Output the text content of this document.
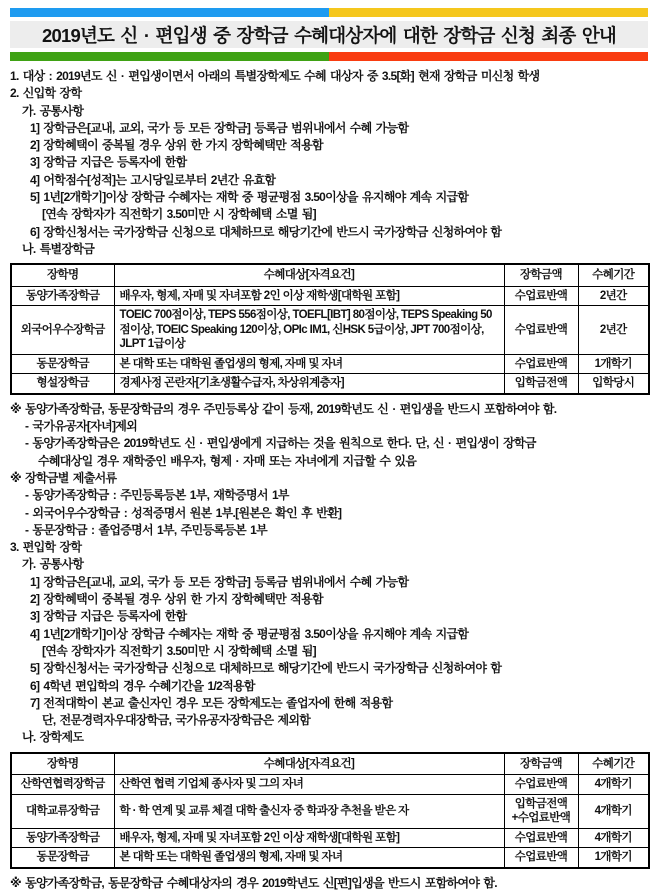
2019년도 신 · 편입생 중 장학금 수혜대상자에 대한 장학금 신청 최종 안내
1. 대상 : 2019년도 신 · 편입생이면서 아래의 특별장학제도 수혜 대상자 중 3.5[화] 현재 장학금 미신청 학생
2. 신입학 장학
가. 공통사항
1] 장학금은[교내, 교외, 국가 등 모든 장학금] 등록금 범위내에서 수혜 가능함
2] 장학혜택이 중복될 경우 상위 한 가지 장학혜택만 적용함
3] 장학금 지급은 등록자에 한함
4] 어학점수[성적]는 고시당일로부터 2년간 유효함
5] 1년[2개학기]이상 장학금 수혜자는 재학 중 평균평점 3.50이상을 유지해야 계속 지급함
[연속 장학자가 직전학기 3.50미만 시 장학혜택 소멸 됨]
6] 장학신청서는 국가장학금 신청으로 대체하므로 해당기간에 반드시 국가장학금 신청하여야 함
나. 특별장학금
장학명	수혜대상[자격요건]	장학금액	수혜기간
동양가족장학금	배우자, 형제, 자매 및 자녀포함 2인 이상 재학생[대학원 포함]	수업료반액	2년간
외국어우수장학금	TOEIC 700점이상, TEPS 556점이상, TOEFL[IBT] 80점이상, TEPS Speaking 50점이상, TOEIC Speaking 120이상, OPIc IM1, 신HSK 5급이상, JPT 700점이상, JLPT 1급이상	수업료반액	2년간
동문장학금	본 대학 또는 대학원 졸업생의 형제, 자매 및 자녀	수업료반액	1개학기
형설장학금	경제사정 곤란자[기초생활수급자, 차상위계층자]	입학금전액	입학당시
※ 동양가족장학금, 동문장학금의 경우 주민등록상 같이 등재, 2019학년도 신 · 편입생을 반드시 포함하여야 함.
- 국가유공자[자녀]제외
- 동양가족장학금은 2019학년도 신 · 편입생에게 지급하는 것을 원칙으로 한다. 단, 신 · 편입생이 장학금
수혜대상일 경우 재학중인 배우자, 형제 · 자매 또는 자녀에게 지급할 수 있음
※ 장학금별 제출서류
- 동양가족장학금 : 주민등록등본 1부, 재학증명서 1부
- 외국어우수장학금 : 성적증명서 원본 1부.[원본은 확인 후 반환]
- 동문장학금 : 졸업증명서 1부, 주민등록등본 1부
3. 편입학 장학
가. 공통사항
1] 장학금은[교내, 교외, 국가 등 모든 장학금] 등록금 범위내에서 수혜 가능함
2] 장학혜택이 중복될 경우 상위 한 가지 장학혜택만 적용함
3] 장학금 지급은 등록자에 한함
4] 1년[2개학기]이상 장학금 수혜자는 재학 중 평균평점 3.50이상을 유지해야 계속 지급함
[연속 장학자가 직전학기 3.50미만 시 장학혜택 소멸 됨]
5] 장학신청서는 국가장학금 신청으로 대체하므로 해당기간에 반드시 국가장학금 신청하여야 함
6] 4학년 편입학의 경우 수혜기간을 1/2적용함
7] 전적대학이 본교 출신자인 경우 모든 장학제도는 졸업자에 한해 적용함
단, 전문경력자우대장학금, 국가유공자장학금은 제외함
나. 장학제도
장학명	수혜대상[자격요건]	장학금액	수혜기간
산학연협력장학금	산학연 협력 기업체 종사자 및 그의 자녀	수업료반액	4개학기
대학교류장학금	학 · 학 연계 및 교류 체결 대학 출신자 중 학과장 추천을 받은 자	입학금전액+수업료반액	4개학기
동양가족장학금	배우자, 형제, 자매 및 자녀포함 2인 이상 재학생[대학원 포함]	수업료반액	4개학기
동문장학금	본 대학 또는 대학원 졸업생의 형제, 자매 및 자녀	수업료반액	1개학기
※ 동양가족장학금, 동문장학금 수혜대상자의 경우 2019학년도 신[편]입생을 반드시 포함하여야 함.
